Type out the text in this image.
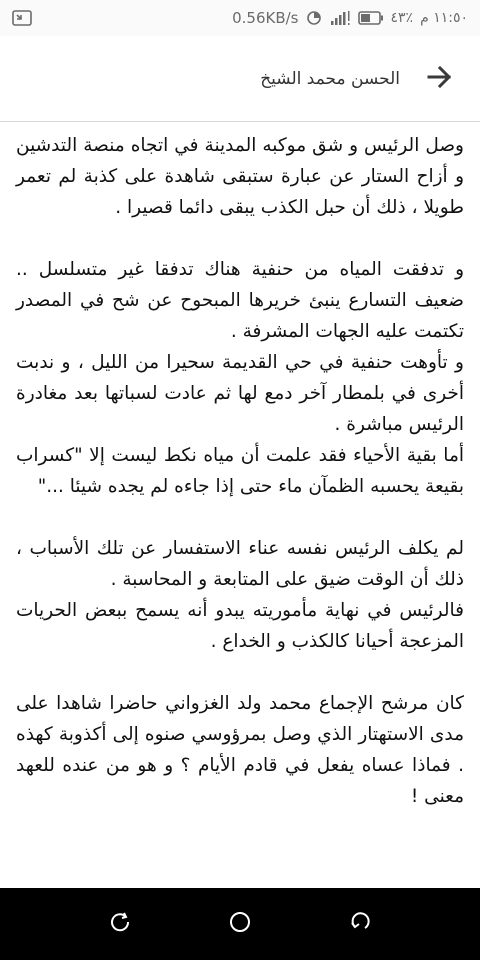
0.56KB/s	٤٣٪ ١١:٥٠ م
الحسن محمد الشيخ

وصل الرئيس و شق موكبه المدينة في اتجاه منصة التدشين و أزاح الستار عن عبارة ستبقى شاهدة على كذبة لم تعمر طويلا ، ذلك أن حبل الكذب يبقى دائما قصيرا .

و تدفقت المياه من حنفية هناك تدفقا غير متسلسل .. ضعيف التسارع ينبئ خريرها المبحوح عن شح في المصدر تكتمت عليه الجهات المشرفة .
و تأوهت حنفية في حي القديمة سحيرا من الليل ، و ندبت أخرى في بلمطار آخر دمع لها ثم عادت لسباتها بعد مغادرة الرئيس مباشرة .
أما بقية الأحياء فقد علمت أن مياه نكط ليست إلا "كسراب بقيعة يحسبه الظمآن ماء حتى إذا جاءه لم يجده شيئا ..."

لم يكلف الرئيس نفسه عناء الاستفسار عن تلك الأسباب ، ذلك أن الوقت ضيق على المتابعة و المحاسبة .

فالرئيس في نهاية مأموريته يبدو أنه يسمح ببعض الحريات المزعجة أحيانا كالكذب و الخداع .

كان مرشح الإجماع محمد ولد الغزواني حاضرا شاهدا على مدى الاستهتار الذي وصل بمرؤوسي صنوه إلى أكذوبة كهذه . فماذا عساه يفعل في قادم الأيام ؟ و هو من عنده للعهد معنى !
